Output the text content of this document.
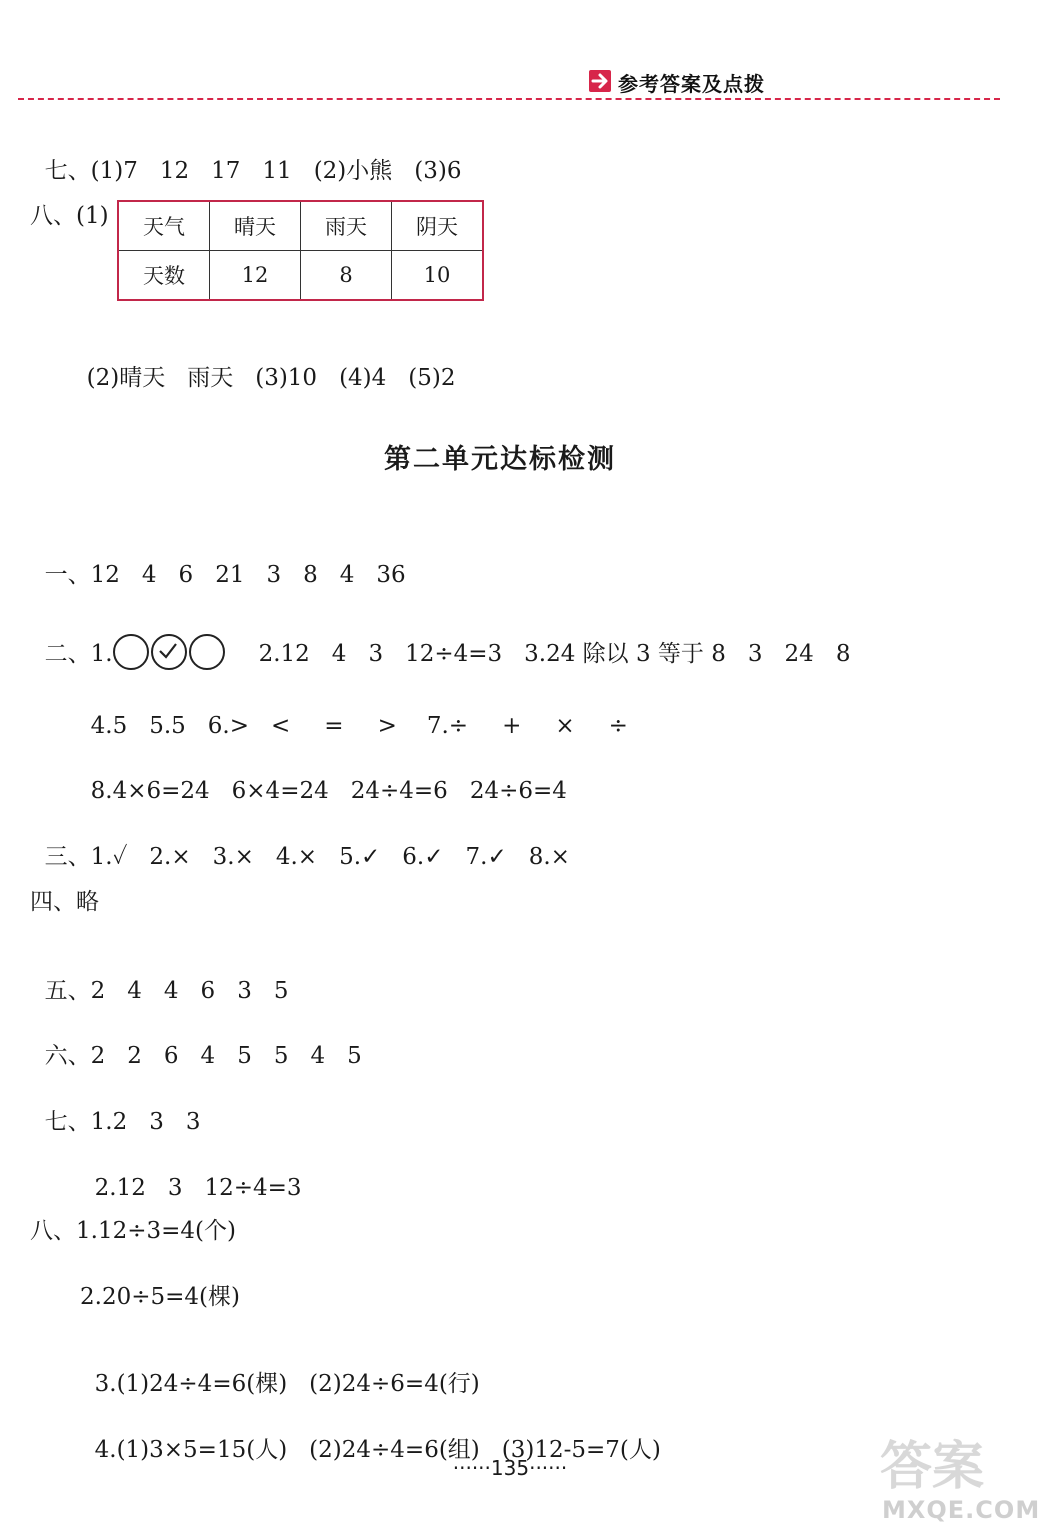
参考答案及点拨

七、(1)7 12 17 11 (2)小熊 (3)6

八、(1) 天气	晴天	雨天	阴天
天数	12	8	10

(2)晴天 雨天 (3)10 (4)4 (5)2

第二单元达标检测

一、12 4 6 21 3 8 4 36

二、1.	2.12 4 3 12÷4=3 3.24 除以 3 等于 8 3 24 8

4.5 5.5 6.> < = > 7.÷ + × ÷

8.4×6=24 6×4=24 24÷4=6 24÷6=4

三、1.✓ 2.× 3.× 4.× 5.✓ 6.✓ 7.✓ 8.×

四、略

五、2 4 4 6 3 5

六、2 2 6 4 5 5 4 5

七、1.2 3 3

2.12 3 12÷4=3

八、1.12÷3=4(个)
2.20÷5=4(棵)

3.(1)24÷4=6(棵) (2)24÷6=4(行)

4.(1)3×5=15(人) (2)24÷4=6(组) (3)12-5=7(人)

······135······	答案
MXQE.COM
